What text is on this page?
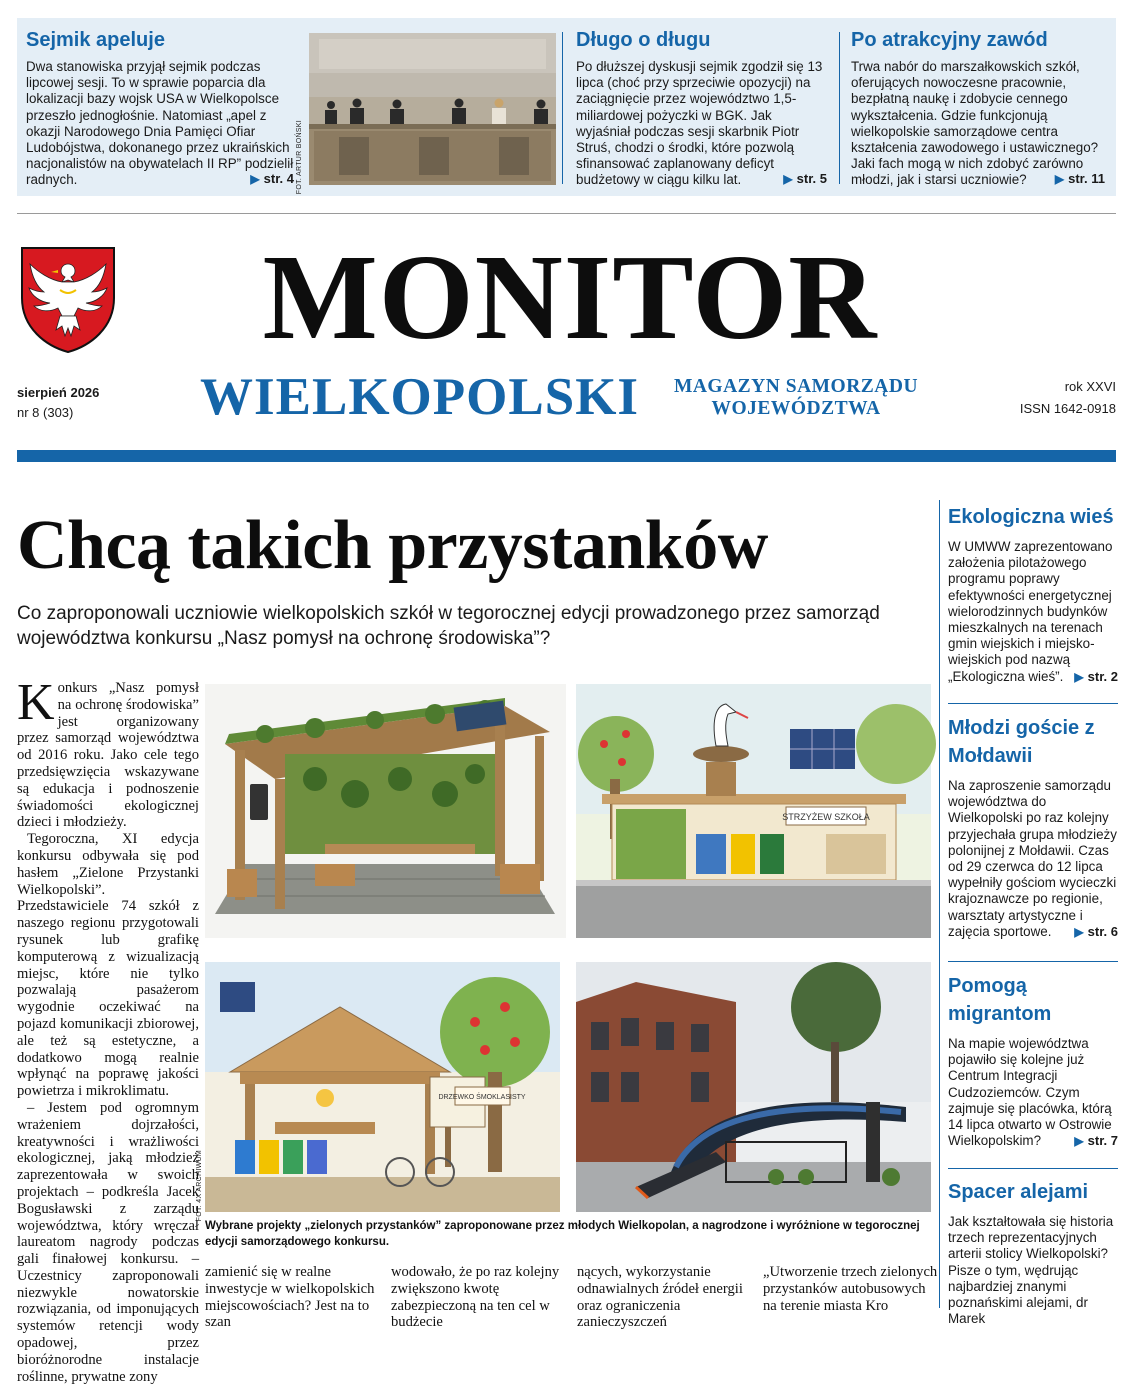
Sejmik apeluje

Dwa stanowiska przyjął sejmik podczas lipcowej sesji. To w sprawie poparcia dla lokalizacji bazy wojsk USA w Wielkopolsce przeszło jednogłośnie. Natomiast „apel z okazji Narodowego Dnia Pamięci Ofiar Ludobójstwa, dokonanego przez ukraińskich nacjonalistów na obywatelach II RP” podzielił radnych.	▶ str. 4
Długo o długu

Po dłuższej dyskusji sejmik zgodził się 13 lipca (choć przy sprzeciwie opozycji) na zaciągnięcie przez województwo 1,5-miliardowej pożyczki w BGK. Jak wyjaśniał podczas sesji skarbnik Piotr Struś, chodzi o środki, które pozwolą sfinansować zaplanowany deficyt budżetowy w ciągu kilku lat.	▶ str. 5
Po atrakcyjny zawód

Trwa nabór do marszałkowskich szkół, oferujących nowoczesne pracownie, bezpłatną naukę i zdobycie cennego wykształcenia. Gdzie funkcjonują wielkopolskie samorządowe centra kształcenia zawodowego i ustawicznego? Jaki fach mogą w nich zdobyć zarówno młodzi, jak i starsi uczniowie?	▶ str. 11
FOT. ARTUR BOŃSKI
MONITOR
WIELKOPOLSKI	MAGAZYN SAMORZĄDU
WOJEWÓDZTWA
sierpień 2026
nr 8 (303)
rok XXVI
ISSN 1642-0918
Chcą takich przystanków

Co zaproponowali uczniowie wielkopolskich szkół w tegorocznej edycji prowadzonego przez samorząd województwa konkursu „Nasz pomysł na ochronę środowiska”?

Konkurs „Nasz pomysł na ochronę środowiska” jest organizowany przez samorząd województwa od 2016 roku. Jako cele tego przedsięwzięcia wskazywane są edukacja i podnoszenie świadomości ekologicznej dzieci i młodzieży.

Tegoroczna, XI edycja konkursu odbywała się pod hasłem „Zielone Przystanki Wielkopolski”. Przedstawiciele 74 szkół z naszego regionu przygotowali rysunek lub grafikę komputerową z wizualizacją miejsc, które nie tylko pozwalają pasażerom wygodnie oczekiwać na pojazd komunikacji zbiorowej, ale też są estetyczne, a dodatkowo mogą realnie wpłynąć na poprawę jakości powietrza i mikroklimatu.

– Jestem pod ogromnym wrażeniem dojrzałości, kreatywności i wrażliwości ekologicznej, jaką młodzież zaprezentowała w swoich projektach – podkreśla Jacek Bogusławski z zarządu województwa, który wręczał laureatom nagrody podczas gali finałowej konkursu. – Uczestnicy zaproponowali niezwykle nowatorskie rozwiązania, od imponujących systemów retencji wody opadowej, przez bioróżnorodne instalacje roślinne, prywatne zony

STRZYŻEW SZKOŁA
DRZEWKO ŚMOKLASISTY
FOT. 4X ARCHIWUM

Wybrane projekty „zielonych przystanków” zaproponowane przez młodych Wielkopolan, a nagrodzone i wyróżnione w tegorocznej edycji samorządowego konkursu.

zamienić się w realne inwestycje w wielkopolskich miejscowościach? Jest na to szan
wodowało, że po raz kolejny zwiększono kwotę zabezpieczoną na ten cel w budżecie
nących, wykorzystanie odnawialnych źródeł energii oraz ograniczenia zanieczyszczeń
„Utworzenie trzech zielonych przystanków autobusowych na terenie miasta Kro
Ekologiczna wieś

W UMWW zaprezentowano założenia pilotażowego programu poprawy efektywności energetycznej wielorodzinnych budynków mieszkalnych na terenach gmin wiejskich i miejsko-wiejskich pod nazwą „Ekologiczna wieś”. ▶ str. 2

Młodzi goście z Mołdawii

Na zaproszenie samorządu województwa do Wielkopolski po raz kolejny przyjechała grupa młodzieży polonijnej z Mołdawii. Czas od 29 czerwca do 12 lipca wypełniły gościom wycieczki krajoznawcze po regionie, warsztaty artystyczne i zajęcia sportowe. ▶ str. 6

Pomogą migrantom

Na mapie województwa pojawiło się kolejne już Centrum Integracji Cudzoziemców. Czym zajmuje się placówka, którą 14 lipca otwarto w Ostrowie Wielkopolskim?	▶ str. 7

Spacer alejami

Jak kształtowała się historia trzech reprezentacyjnych arterii stolicy Wielkopolski? Pisze o tym, wędrując najbardziej znanymi poznańskimi alejami, dr Marek
